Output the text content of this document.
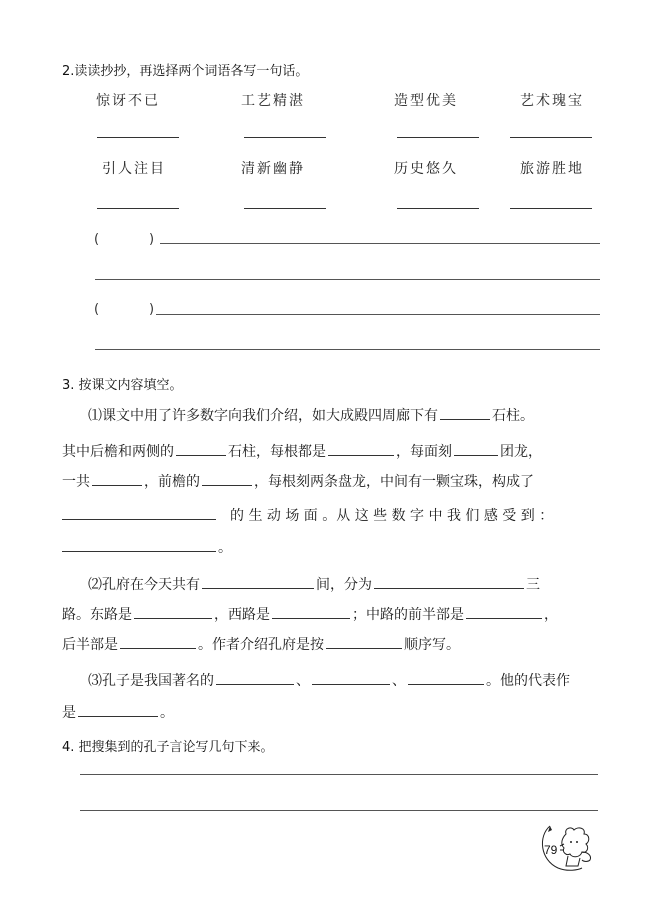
2.读读抄抄，再选择两个词语各写一句话。
惊讶不已	工艺精湛	造型优美	艺术瑰宝
引人注目	清新幽静	历史悠久	旅游胜地
(	)
(	)
3. 按课文内容填空。
⑴课文中用了许多数字向我们介绍，如大成殿四周廊下有	石柱。
其中后檐和两侧的	石柱，每根都是	，每面刻	团龙，
一共	，前檐的	，每根刻两条盘龙，中间有一颗宝珠，构成了
的 生 动 场 面 。从 这 些 数 字 中 我 们 感 受 到 ：
。
⑵孔府在今天共有	间，分为	三
路。东路是	，西路是	；中路的前半部是	，
后半部是	。作者介绍孔府是按	顺序写。
⑶孔子是我国著名的	、	、	。他的代表作
是	。
4. 把搜集到的孔子言论写几句下来。
79
